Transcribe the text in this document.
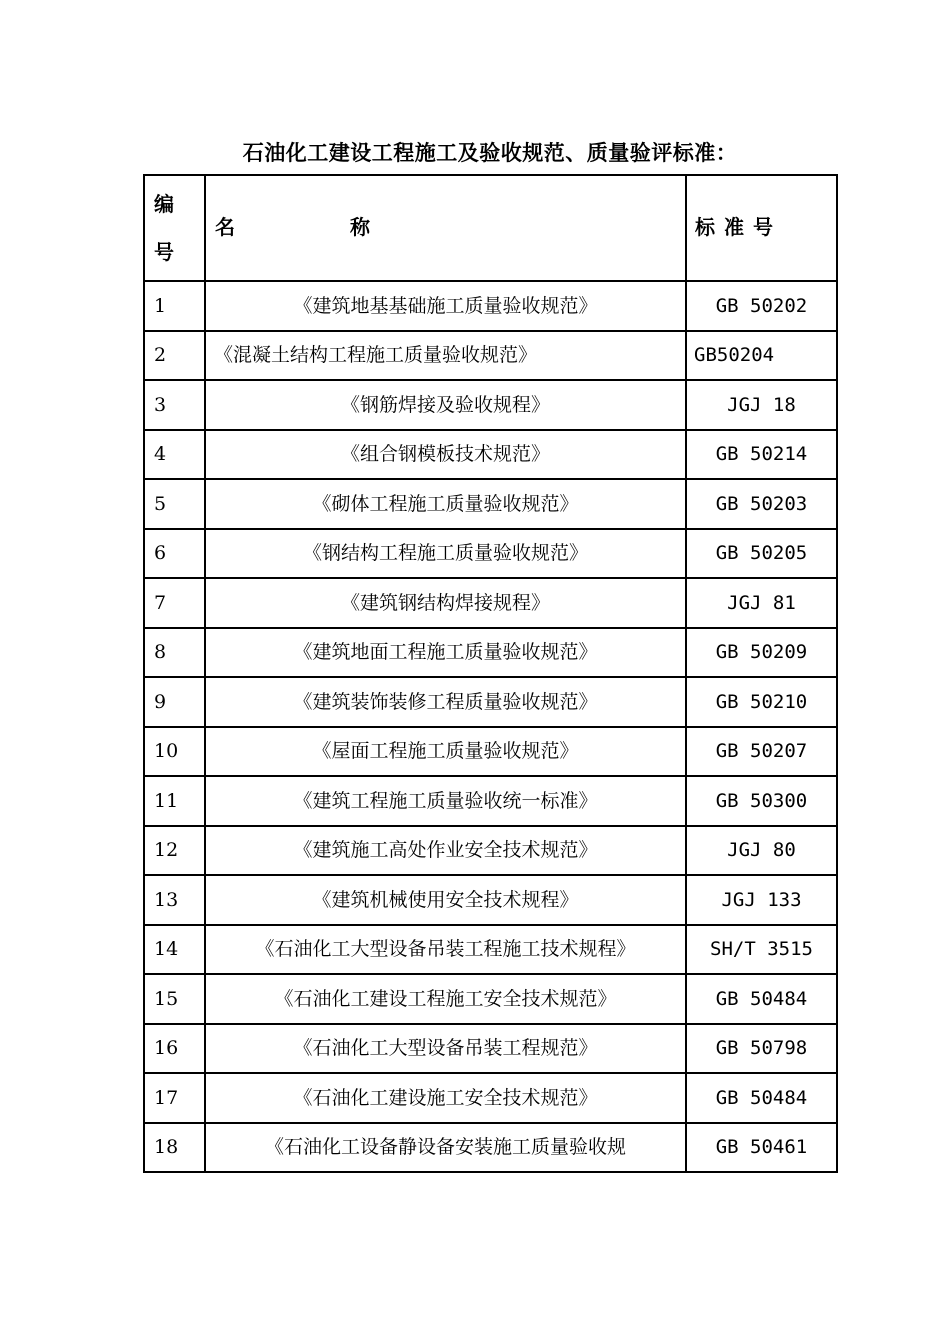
石油化工建设工程施工及验收规范、质量验评标准：
编
号	名 称	标准号
1	《建筑地基基础施工质量验收规范》	GB 50202
2	《混凝土结构工程施工质量验收规范》	GB50204
3	《钢筋焊接及验收规程》	JGJ 18
4	《组合钢模板技术规范》	GB 50214
5	《砌体工程施工质量验收规范》	GB 50203
6	《钢结构工程施工质量验收规范》	GB 50205
7	《建筑钢结构焊接规程》	JGJ 81
8	《建筑地面工程施工质量验收规范》	GB 50209
9	《建筑装饰装修工程质量验收规范》	GB 50210
10	《屋面工程施工质量验收规范》	GB 50207
11	《建筑工程施工质量验收统一标准》	GB 50300
12	《建筑施工高处作业安全技术规范》	JGJ 80
13	《建筑机械使用安全技术规程》	JGJ 133
14	《石油化工大型设备吊装工程施工技术规程》	SH/T 3515
15	《石油化工建设工程施工安全技术规范》	GB 50484
16	《石油化工大型设备吊装工程规范》	GB 50798
17	《石油化工建设施工安全技术规范》	GB 50484
18	《石油化工设备静设备安装施工质量验收规	GB 50461
